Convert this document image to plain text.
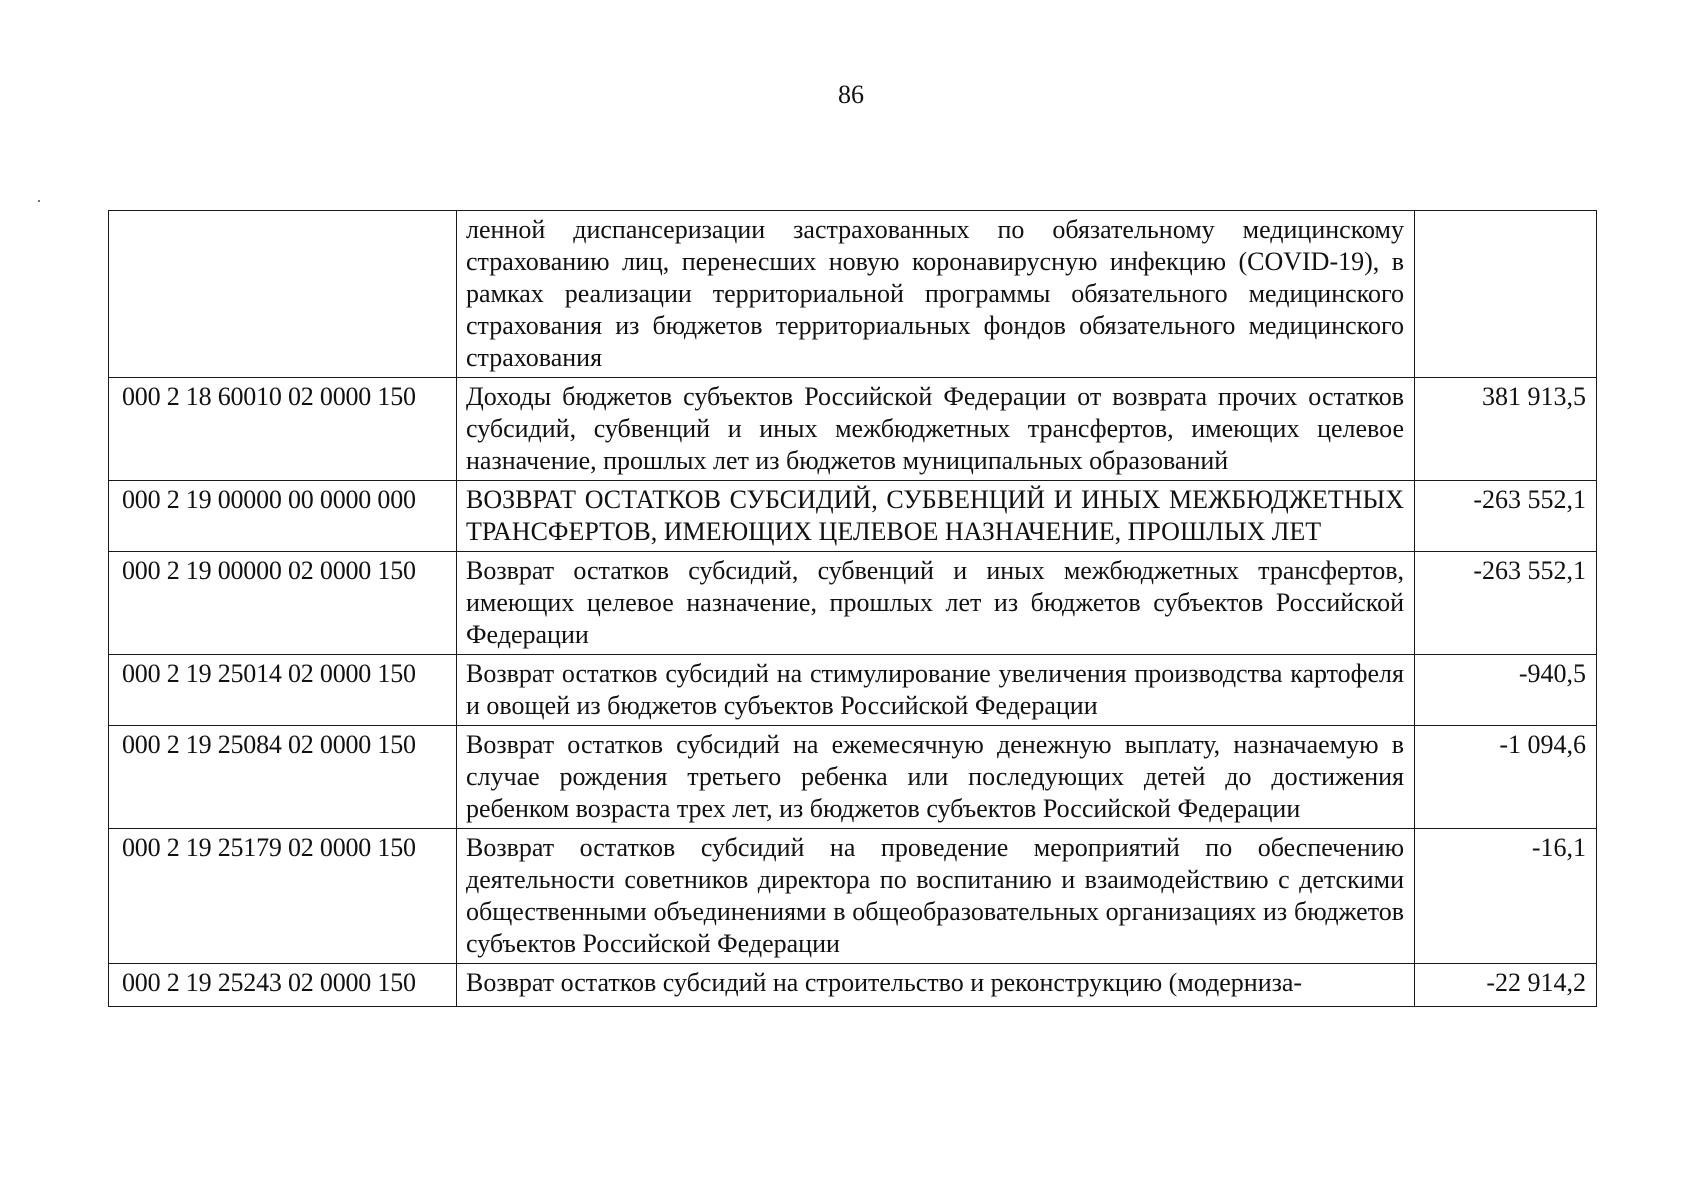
86
	ленной диспансеризации застрахованных по обязательному медицинскому страхованию лиц, перенесших новую коронавирусную инфекцию (COVID-19), в рамках реализации территориальной программы обязательного медицинского страхования из бюджетов территориальных фондов обязательного медицинского страхования	
000 2 18 60010 02 0000 150	Доходы бюджетов субъектов Российской Федерации от возврата прочих остатков субсидий, субвенций и иных межбюджетных трансфертов, имеющих целевое назначение, прошлых лет из бюджетов муниципальных образований	381 913,5
000 2 19 00000 00 0000 000	ВОЗВРАТ ОСТАТКОВ СУБСИДИЙ, СУБВЕНЦИЙ И ИНЫХ МЕЖБЮДЖЕТНЫХ ТРАНСФЕРТОВ, ИМЕЮЩИХ ЦЕЛЕВОЕ НАЗНАЧЕНИЕ, ПРОШЛЫХ ЛЕТ	-263 552,1
000 2 19 00000 02 0000 150	Возврат остатков субсидий, субвенций и иных межбюджетных трансфертов, имеющих целевое назначение, прошлых лет из бюджетов субъектов Российской Федерации	-263 552,1
000 2 19 25014 02 0000 150	Возврат остатков субсидий на стимулирование увеличения производства картофеля и овощей из бюджетов субъектов Российской Федерации	-940,5
000 2 19 25084 02 0000 150	Возврат остатков субсидий на ежемесячную денежную выплату, назначаемую в случае рождения третьего ребенка или последующих детей до достижения ребенком возраста трех лет, из бюджетов субъектов Российской Федерации	-1 094,6
000 2 19 25179 02 0000 150	Возврат остатков субсидий на проведение мероприятий по обеспечению деятельности советников директора по воспитанию и взаимодействию с детскими общественными объединениями в общеобразовательных организациях из бюджетов субъектов Российской Федерации	-16,1
000 2 19 25243 02 0000 150	Возврат остатков субсидий на строительство и реконструкцию (модерниза-	-22 914,2
